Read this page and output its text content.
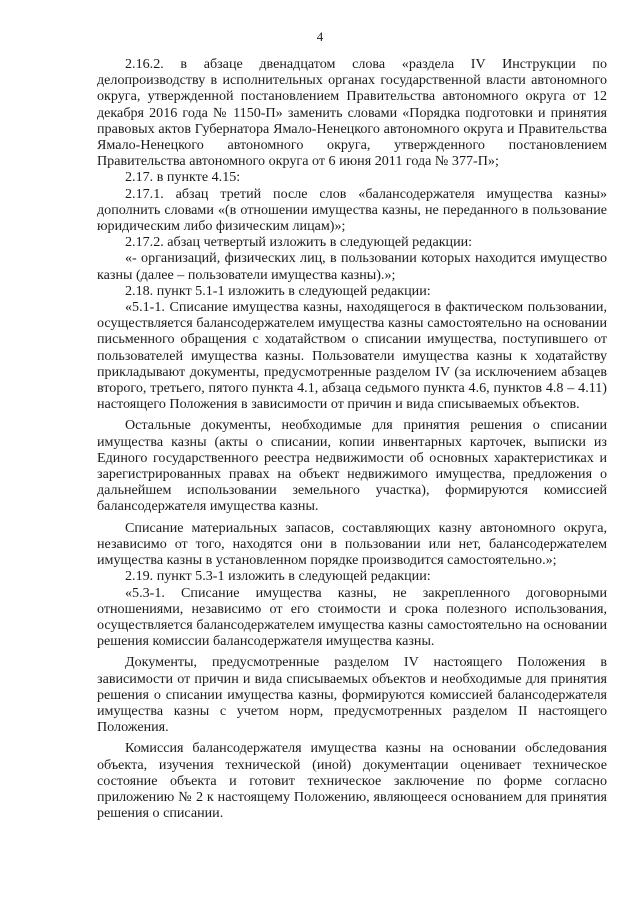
4

2.16.2. в абзаце двенадцатом слова «раздела IV Инструкции по делопроизводству в исполнительных органах государственной власти автономного округа, утвержденной постановлением Правительства автономного округа от 12 декабря 2016 года № 1150-П» заменить словами «Порядка подготовки и принятия правовых актов Губернатора Ямало-Ненецкого автономного округа и Правительства Ямало-Ненецкого автономного округа, утвержденного постановлением Правительства автономного округа от 6 июня 2011 года № 377-П»;

2.17. в пункте 4.15:

2.17.1. абзац третий после слов «балансодержателя имущества казны» дополнить словами «(в отношении имущества казны, не переданного в пользование юридическим либо физическим лицам)»;

2.17.2. абзац четвертый изложить в следующей редакции:

«- организаций, физических лиц, в пользовании которых находится имущество казны (далее – пользователи имущества казны).»;

2.18. пункт 5.1-1 изложить в следующей редакции:

«5.1-1. Списание имущества казны, находящегося в фактическом пользовании, осуществляется балансодержателем имущества казны самостоятельно на основании письменного обращения с ходатайством о списании имущества, поступившего от пользователей имущества казны. Пользователи имущества казны к ходатайству прикладывают документы, предусмотренные разделом IV (за исключением абзацев второго, третьего, пятого пункта 4.1, абзаца седьмого пункта 4.6, пунктов 4.8 – 4.11) настоящего Положения в зависимости от причин и вида списываемых объектов.

Остальные документы, необходимые для принятия решения о списании имущества казны (акты о списании, копии инвентарных карточек, выписки из Единого государственного реестра недвижимости об основных характеристиках и зарегистрированных правах на объект недвижимого имущества, предложения о дальнейшем использовании земельного участка), формируются комиссией балансодержателя имущества казны.

Списание материальных запасов, составляющих казну автономного округа, независимо от того, находятся они в пользовании или нет, балансодержателем имущества казны в установленном порядке производится самостоятельно.»;

2.19. пункт 5.3-1 изложить в следующей редакции:

«5.3-1. Списание имущества казны, не закрепленного договорными отношениями, независимо от его стоимости и срока полезного использования, осуществляется балансодержателем имущества казны самостоятельно на основании решения комиссии балансодержателя имущества казны.

Документы, предусмотренные разделом IV настоящего Положения в зависимости от причин и вида списываемых объектов и необходимые для принятия решения о списании имущества казны, формируются комиссией балансодержателя имущества казны с учетом норм, предусмотренных разделом II настоящего Положения.

Комиссия балансодержателя имущества казны на основании обследования объекта, изучения технической (иной) документации оценивает техническое состояние объекта и готовит техническое заключение по форме согласно приложению № 2 к настоящему Положению, являющееся основанием для принятия решения о списании.
